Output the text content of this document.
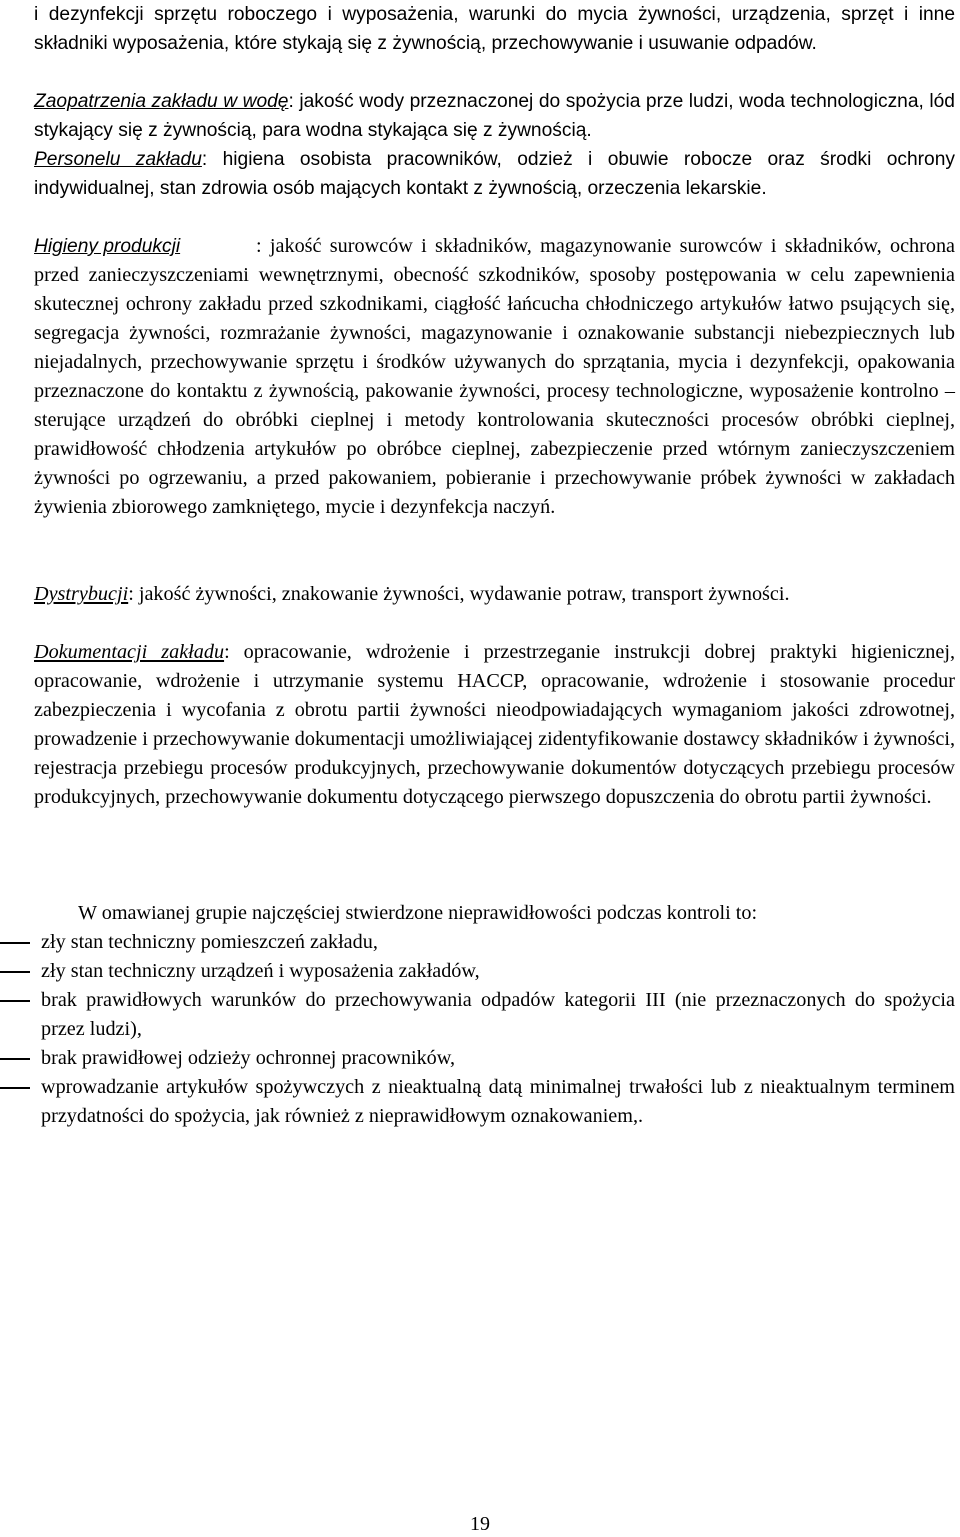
i dezynfekcji sprzętu roboczego i wyposażenia, warunki do mycia żywności, urządzenia, sprzęt i inne składniki wyposażenia, które stykają się z żywnością, przechowywanie i usuwanie odpadów.

Zaopatrzenia zakładu w wodę: jakość wody przeznaczonej do spożycia prze ludzi, woda technologiczna, lód stykający się z żywnością, para wodna stykająca się z żywnością.

Personelu zakładu: higiena osobista pracowników, odzież i obuwie robocze oraz środki ochrony indywidualnej, stan zdrowia osób mających kontakt z żywnością, orzeczenia lekarskie.

Higieny produkcji	: jakość surowców i składników, magazynowanie surowców i składników, ochrona przed zanieczyszczeniami wewnętrznymi, obecność szkodników, sposoby postępowania w celu zapewnienia skutecznej ochrony zakładu przed szkodnikami, ciągłość łańcucha chłodniczego artykułów łatwo psujących się, segregacja żywności, rozmrażanie żywności, magazynowanie i oznakowanie substancji niebezpiecznych lub niejadalnych, przechowywanie sprzętu i środków używanych do sprzątania, mycia i dezynfekcji, opakowania przeznaczone do kontaktu z żywnością, pakowanie żywności, procesy technologiczne, wyposażenie kontrolno – sterujące urządzeń do obróbki cieplnej i metody kontrolowania skuteczności procesów obróbki cieplnej, prawidłowość chłodzenia artykułów po obróbce cieplnej, zabezpieczenie przed wtórnym zanieczyszczeniem żywności po ogrzewaniu, a przed pakowaniem, pobieranie i przechowywanie próbek żywności w zakładach żywienia zbiorowego zamkniętego, mycie i dezynfekcja naczyń.

Dystrybucji: jakość żywności, znakowanie żywności, wydawanie potraw, transport żywności.

Dokumentacji zakładu: opracowanie, wdrożenie i przestrzeganie instrukcji dobrej praktyki higienicznej, opracowanie, wdrożenie i utrzymanie systemu HACCP, opracowanie, wdrożenie i stosowanie procedur zabezpieczenia i wycofania z obrotu partii żywności nieodpowiadających wymaganiom jakości zdrowotnej, prowadzenie i przechowywanie dokumentacji umożliwiającej zidentyfikowanie dostawcy składników i żywności, rejestracja przebiegu procesów produkcyjnych, przechowywanie dokumentów dotyczących przebiegu procesów produkcyjnych, przechowywanie dokumentu dotyczącego pierwszego dopuszczenia do obrotu partii żywności.

W omawianej grupie najczęściej stwierdzone nieprawidłowości podczas kontroli to:

zły stan techniczny pomieszczeń zakładu,
zły stan techniczny urządzeń i wyposażenia zakładów,
brak prawidłowych warunków do przechowywania odpadów kategorii III (nie przeznaczonych do spożycia przez ludzi),
brak prawidłowej odzieży ochronnej pracowników,
wprowadzanie artykułów spożywczych z nieaktualną datą minimalnej trwałości lub z nieaktualnym terminem przydatności do spożycia, jak również z nieprawidłowym oznakowaniem,.
19
